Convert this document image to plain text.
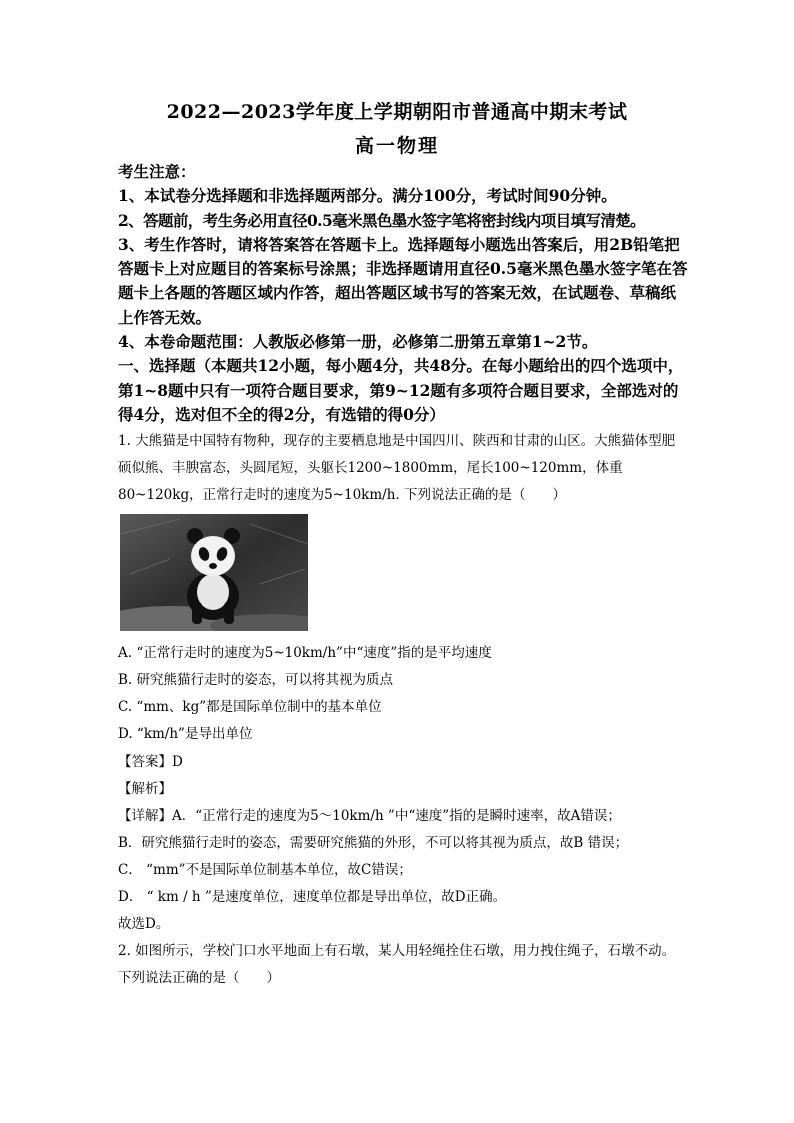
2022—2023学年度上学期朝阳市普通高中期末考试
高一物理

考生注意：

1、本试卷分选择题和非选择题两部分。满分100分，考试时间90分钟。

2、答题前，考生务必用直径0.5毫米黑色墨水签字笔将密封线内项目填写清楚。

3、考生作答时，请将答案答在答题卡上。选择题每小题选出答案后，用2B铅笔把答题卡上对应题目的答案标号涂黑；非选择题请用直径0.5毫米黑色墨水签字笔在答题卡上各题的答题区域内作答，超出答题区域书写的答案无效，在试题卷、草稿纸上作答无效。

4、本卷命题范围：人教版必修第一册，必修第二册第五章第1~2节。

一、选择题（本题共12小题，每小题4分，共48分。在每小题给出的四个选项中，第1~8题中只有一项符合题目要求，第9~12题有多项符合题目要求，全部选对的得4分，选对但不全的得2分，有选错的得0分）

1. 大熊猫是中国特有物种，现存的主要栖息地是中国四川、陕西和甘肃的山区。大熊猫体型肥硕似熊、丰腴富态，头圆尾短，头躯长1200~1800mm，尾长100~120mm，体重80~120kg，正常行走时的速度为5~10km/h. 下列说法正确的是（　　）
A. “正常行走时的速度为5~10km/h”中“速度”指的是平均速度
B. 研究熊猫行走时的姿态，可以将其视为质点
C. “mm、kg”都是国际单位制中的基本单位
D. “km/h”是导出单位
【答案】D
【解析】
【详解】A．“正常行走的速度为5～10km/h ”中“速度”指的是瞬时速率，故A错误；
B．研究熊猫行走时的姿态，需要研究熊猫的外形，不可以将其视为质点，故B 错误；
C． “mm”不是国际单位制基本单位，故C错误；
D． “ km / h ”是速度单位，速度单位都是导出单位，故D正确。
故选D。
2. 如图所示，学校门口水平地面上有石墩，某人用轻绳拴住石墩，用力拽住绳子，石墩不动。下列说法正确的是（　　）
